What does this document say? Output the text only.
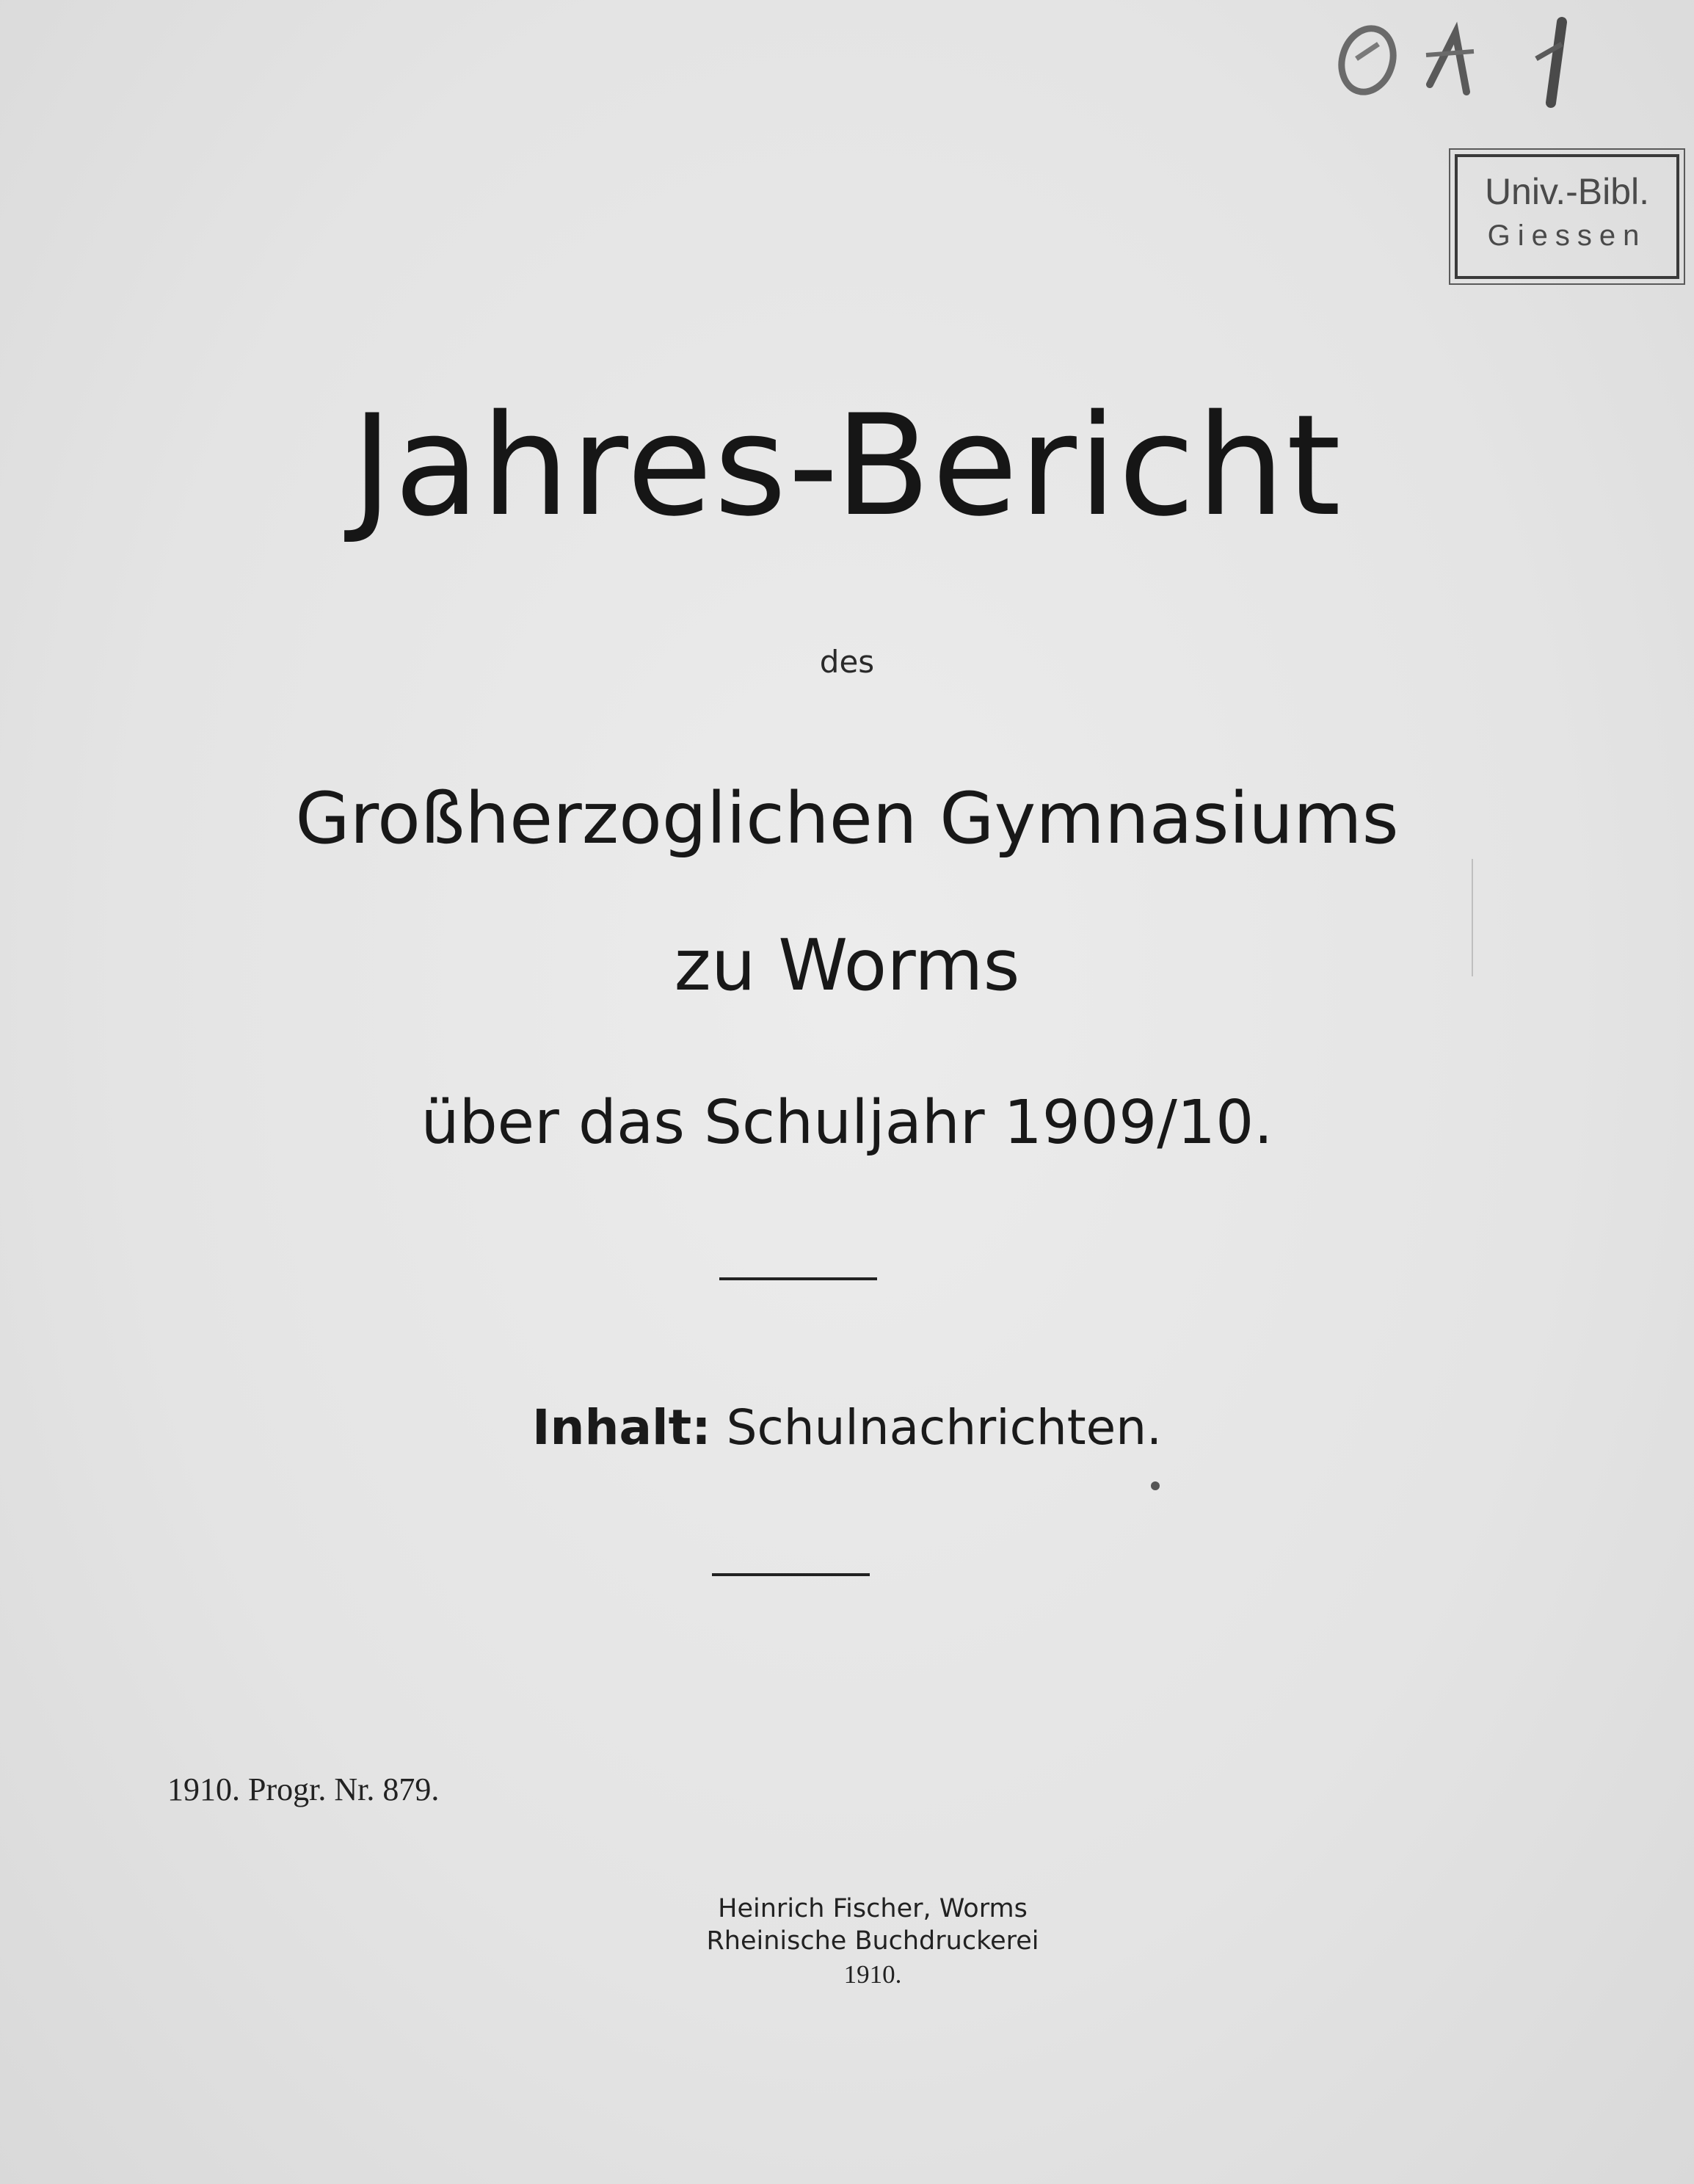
Univ.-Bibl.
Giessen
Jahres-Bericht
des
Großherzoglichen Gymnasiums
zu Worms
über das Schuljahr 1909/10.
Inhalt: Schulnachrichten.
1910. Progr. Nr. 879.
Heinrich Fischer, Worms
Rheinische Buchdruckerei
1910.
